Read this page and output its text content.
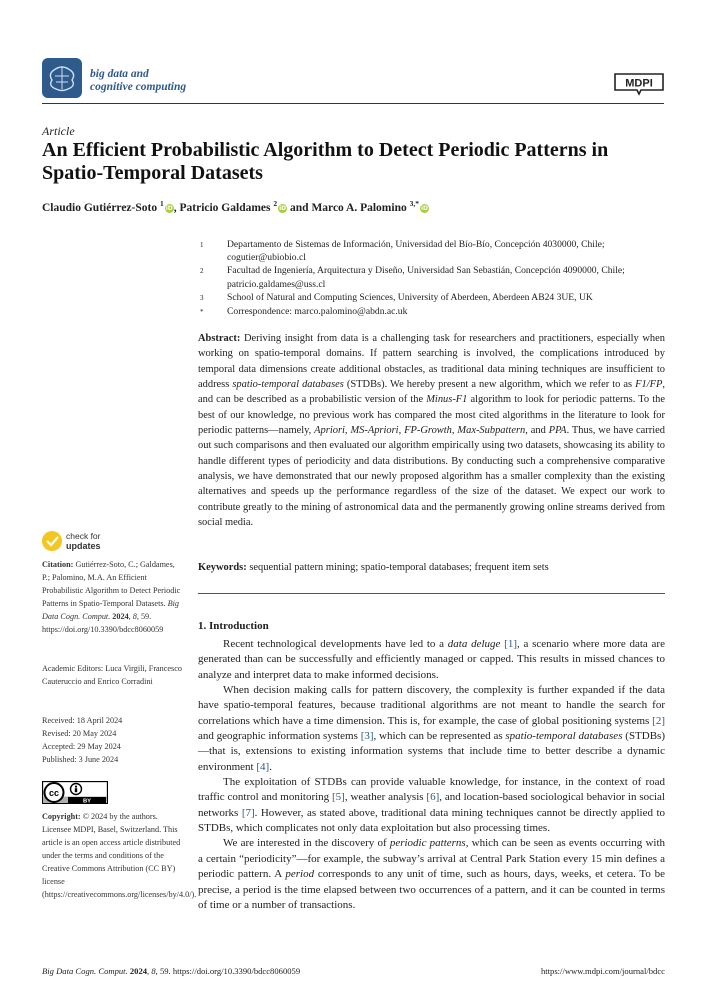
big data and
cognitive computing	MDPI
Article
An Efficient Probabilistic Algorithm to Detect Periodic Patterns in Spatio-Temporal Datasets
Claudio Gutiérrez-Soto $^1$iD, Patricio Galdames $^2$iD and Marco A. Palomino $^{3,*}$iD
1	Departamento de Sistemas de Información, Universidad del Bío-Bío, Concepción 4030000, Chile;
cogutier@ubiobio.cl
2	Facultad de Ingeniería, Arquitectura y Diseño, Universidad San Sebastián, Concepción 4090000, Chile;
patricio.galdames@uss.cl
3	School of Natural and Computing Sciences, University of Aberdeen, Aberdeen AB24 3UE, UK
*	Correspondence: marco.palomino@abdn.ac.uk
Abstract: Deriving insight from data is a challenging task for researchers and practitioners, especially when working on spatio-temporal domains. If pattern searching is involved, the complications introduced by temporal data dimensions create additional obstacles, as traditional data mining techniques are insufficient to address spatio-temporal databases (STDBs). We hereby present a new algorithm, which we refer to as F1/FP, and can be described as a probabilistic version of the Minus-F1 algorithm to look for periodic patterns. To the best of our knowledge, no previous work has compared the most cited algorithms in the literature to look for periodic patterns—namely, Apriori, MS-Apriori, FP-Growth, Max-Subpattern, and PPA. Thus, we have carried out such comparisons and then evaluated our algorithm empirically using two datasets, showcasing its ability to handle different types of periodicity and data distributions. By conducting such a comprehensive comparative analysis, we have demonstrated that our newly proposed algorithm has a smaller complexity than the existing alternatives and speeds up the performance regardless of the size of the dataset. We expect our work to contribute greatly to the mining of astronomical data and the permanently growing online streams derived from social media.
Keywords: sequential pattern mining; spatio-temporal databases; frequent item sets
1. Introduction

Recent technological developments have led to a data deluge [1], a scenario where more data are generated than can be successfully and efficiently managed or capped. This results in missed chances to analyze and interpret data to make informed decisions.

When decision making calls for pattern discovery, the complexity is further expanded if the data have spatio-temporal features, because traditional algorithms are not meant to handle the search for correlations which have a time dimension. This is, for example, the case of global positioning systems [2] and geographic information systems [3], which can be represented as spatio-temporal databases (STDBs)—that is, extensions to existing information systems that include time to better describe a dynamic environment [4].

The exploitation of STDBs can provide valuable knowledge, for instance, in the context of road traffic control and monitoring [5], weather analysis [6], and location-based sociological behavior in social networks [7]. However, as stated above, traditional data mining techniques cannot be directly applied to STDBs, which complicates not only data exploitation but also processing times.

We are interested in the discovery of periodic patterns, which can be seen as events occurring with a certain “periodicity”—for example, the subway’s arrival at Central Park Station every 15 min defines a periodic pattern. A period corresponds to any unit of time, such as hours, days, weeks, et cetera. To be precise, a period is the time elapsed between two occurrences of a pattern, and it can be counted in terms of time or a number of transactions.

check for
updates
Citation: Gutiérrez-Soto, C.; Galdames, P.; Palomino, M.A. An Efficient Probabilistic Algorithm to Detect Periodic Patterns in Spatio-Temporal Datasets. Big Data Cogn. Comput. 2024, 8, 59. https://doi.org/10.3390/bdcc8060059
Academic Editors: Luca Virgili, Francesco Cauteruccio and Enrico Corradini
Received: 18 April 2024
Revised: 20 May 2024
Accepted: 29 May 2024
Published: 3 June 2024
cc
BY
Copyright: © 2024 by the authors. Licensee MDPI, Basel, Switzerland. This article is an open access article distributed under the terms and conditions of the Creative Commons Attribution (CC BY) license (https://creativecommons.org/licenses/by/4.0/).
Big Data Cogn. Comput. 2024, 8, 59. https://doi.org/10.3390/bdcc8060059	https://www.mdpi.com/journal/bdcc
